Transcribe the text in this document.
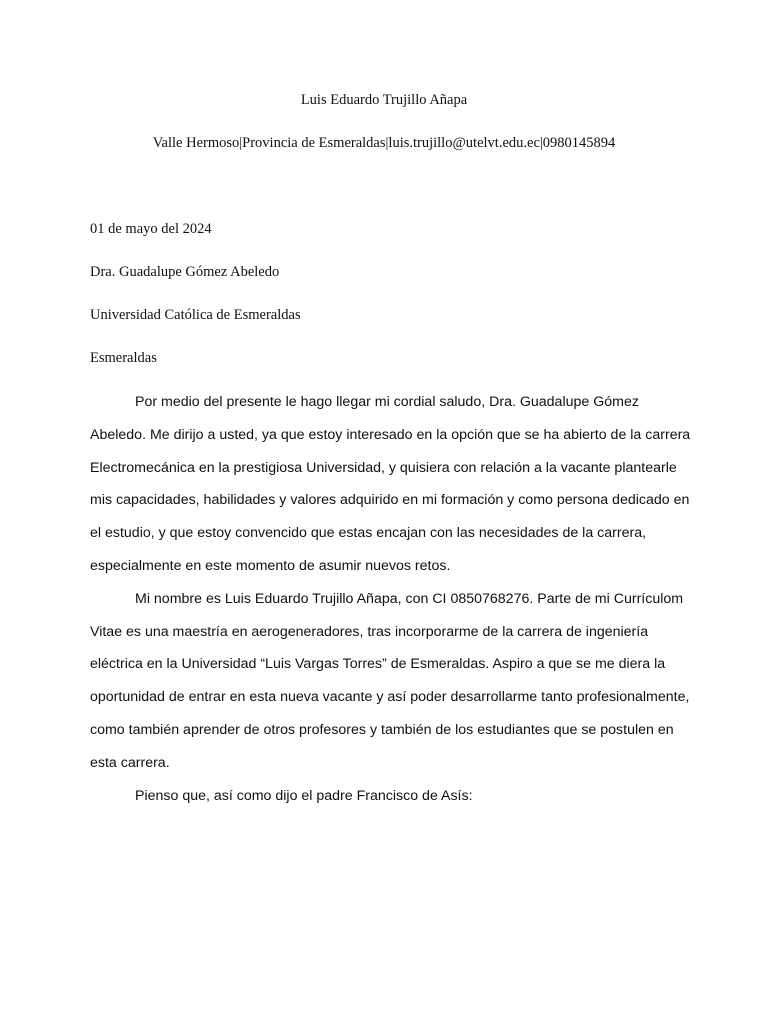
Luis Eduardo Trujillo Añapa
Valle Hermoso|Provincia de Esmeraldas|luis.trujillo@utelvt.edu.ec|0980145894
01 de mayo del 2024
Dra. Guadalupe Gómez Abeledo
Universidad Católica de Esmeraldas
Esmeraldas
Por medio del presente le hago llegar mi cordial saludo, Dra. Guadalupe Gómez
Abeledo. Me dirijo a usted, ya que estoy interesado en la opción que se ha abierto de la carrera
Electromecánica en la prestigiosa Universidad, y quisiera con relación a la vacante plantearle
mis capacidades, habilidades y valores adquirido en mi formación y como persona dedicado en
el estudio, y que estoy convencido que estas encajan con las necesidades de la carrera,
especialmente en este momento de asumir nuevos retos.
Mi nombre es Luis Eduardo Trujillo Añapa, con CI 0850768276. Parte de mi Currículom
Vitae es una maestría en aerogeneradores, tras incorporarme de la carrera de ingeniería
eléctrica en la Universidad “Luis Vargas Torres” de Esmeraldas. Aspiro a que se me diera la
oportunidad de entrar en esta nueva vacante y así poder desarrollarme tanto profesionalmente,
como también aprender de otros profesores y también de los estudiantes que se postulen en
esta carrera.
Pienso que, así como dijo el padre Francisco de Asís:
